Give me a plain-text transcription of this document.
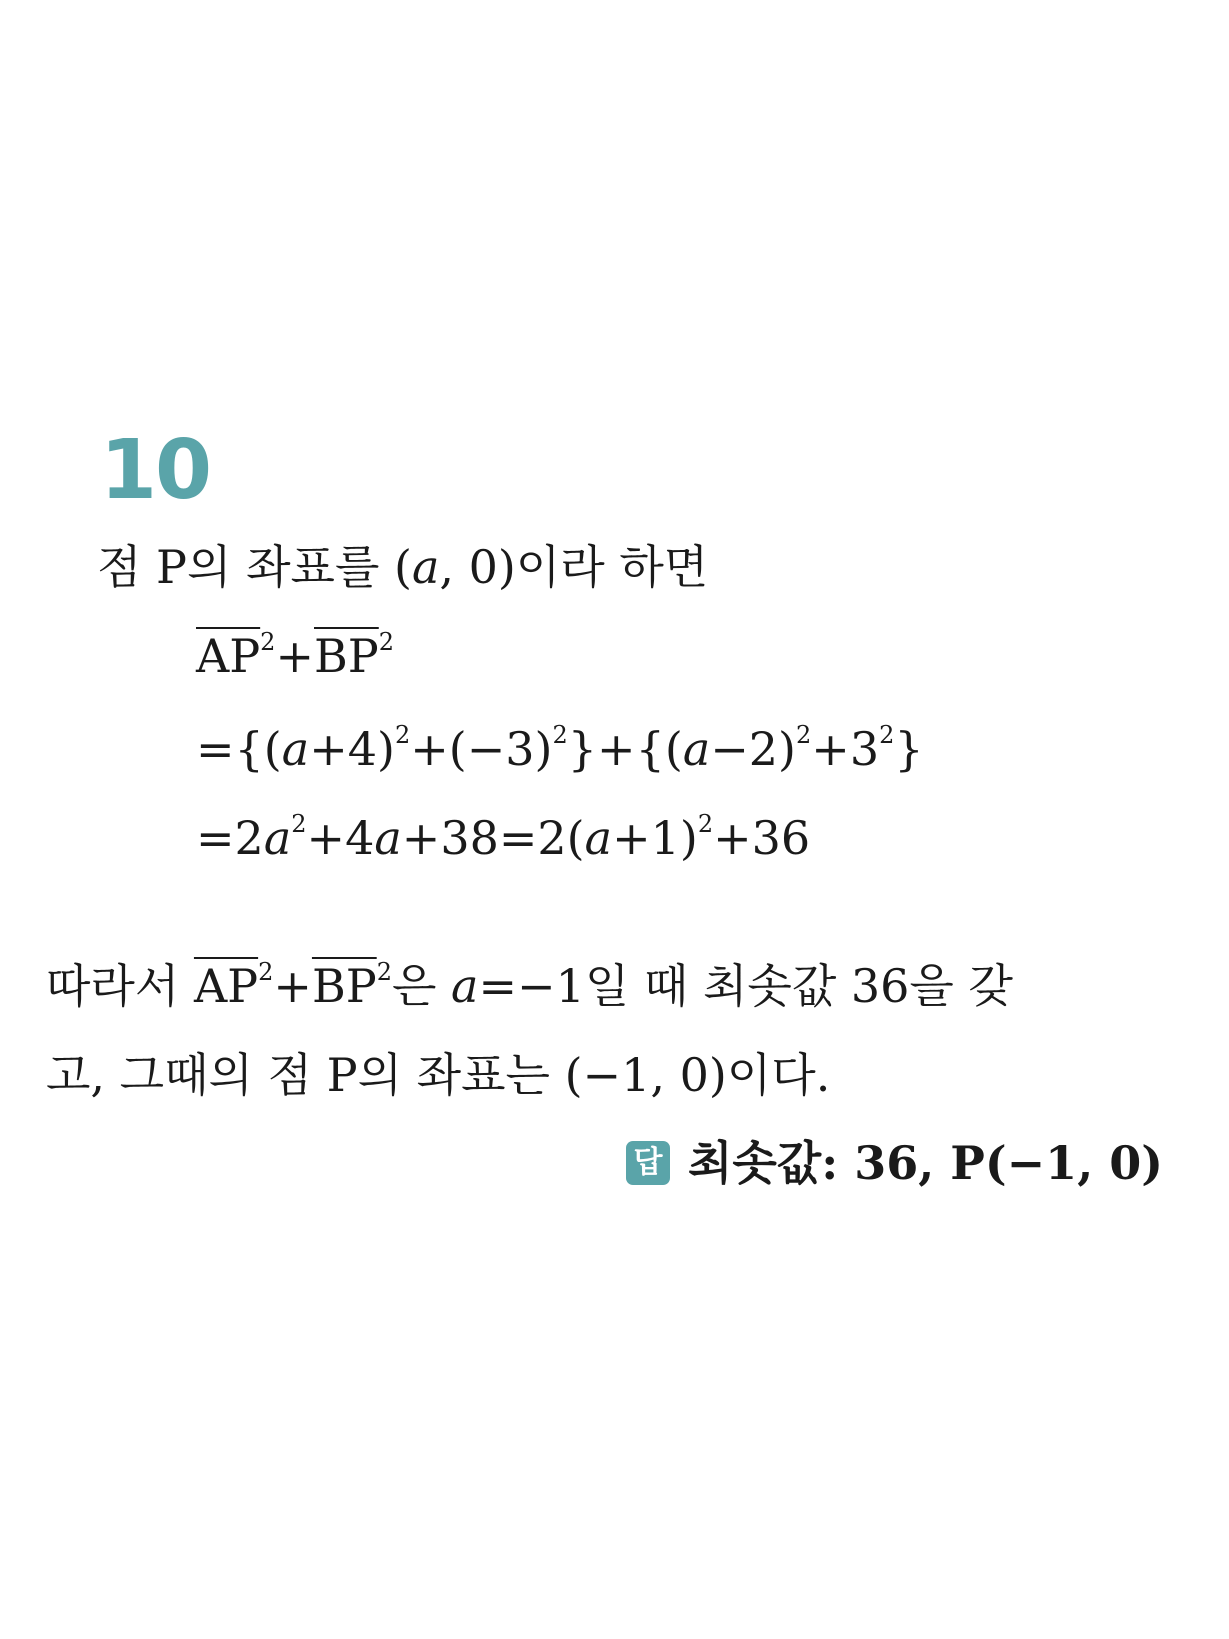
10
점 P의 좌표를 (a, 0)이라 하면
$\overline{AP}^2+\overline{BP}^2$
$=\{(a+4)^2+(-3)^2\}+\{(a-2)^2+3^2\}$
$=2a^2+4a+38=2(a+1)^2+36$
따라서 $\overline{AP}^2+\overline{BP}^2$은 a=−1일 때 최솟값 36을 갖
고, 그때의 점 P의 좌표는 (−1, 0)이다.
답 최솟값: 36, P(−1, 0)
